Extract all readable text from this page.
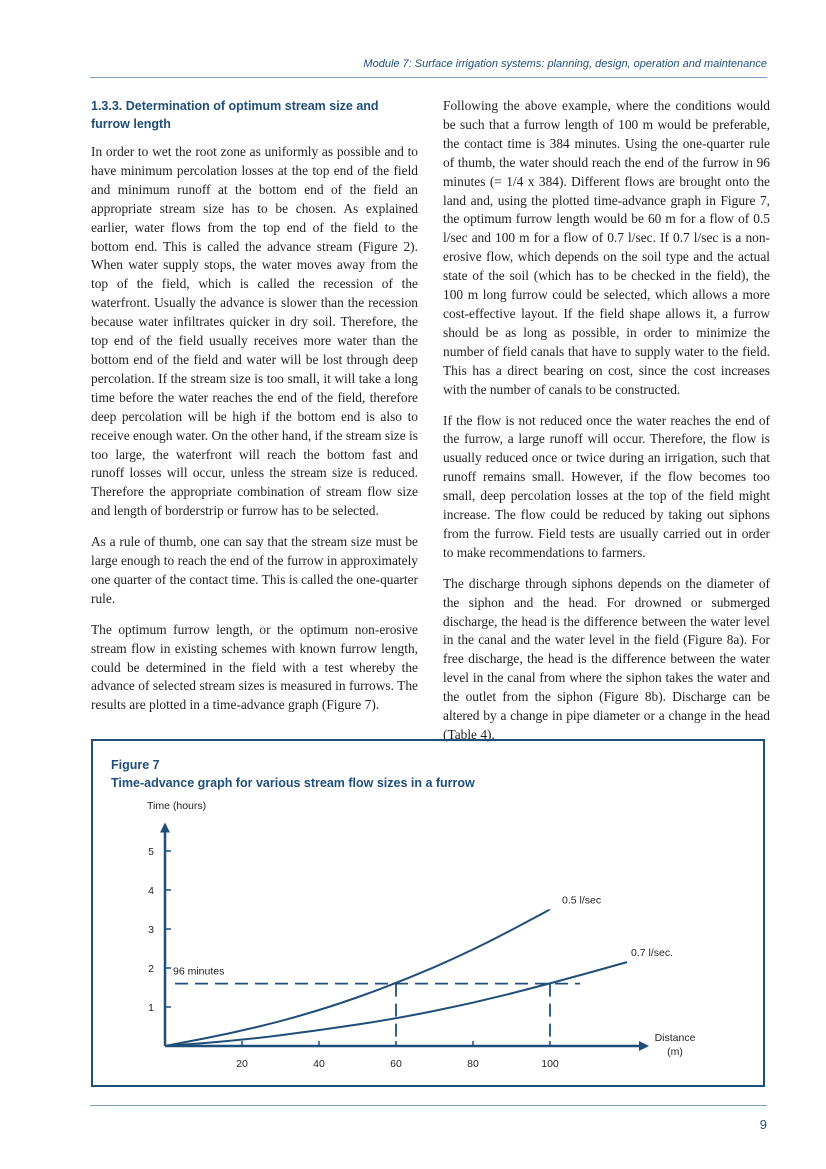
Module 7: Surface irrigation systems: planning, design, operation and maintenance
1.3.3. Determination of optimum stream size and furrow length

In order to wet the root zone as uniformly as possible and to have minimum percolation losses at the top end of the field and minimum runoff at the bottom end of the field an appropriate stream size has to be chosen. As explained earlier, water flows from the top end of the field to the bottom end. This is called the advance stream (Figure 2). When water supply stops, the water moves away from the top of the field, which is called the recession of the waterfront. Usually the advance is slower than the recession because water infiltrates quicker in dry soil. Therefore, the top end of the field usually receives more water than the bottom end of the field and water will be lost through deep percolation. If the stream size is too small, it will take a long time before the water reaches the end of the field, therefore deep percolation will be high if the bottom end is also to receive enough water. On the other hand, if the stream size is too large, the waterfront will reach the bottom fast and runoff losses will occur, unless the stream size is reduced. Therefore the appropriate combination of stream flow size and length of borderstrip or furrow has to be selected.

As a rule of thumb, one can say that the stream size must be large enough to reach the end of the furrow in approximately one quarter of the contact time. This is called the one-quarter rule.

The optimum furrow length, or the optimum non-erosive stream flow in existing schemes with known furrow length, could be determined in the field with a test whereby the advance of selected stream sizes is measured in furrows. The results are plotted in a time-advance graph (Figure 7).

Following the above example, where the conditions would be such that a furrow length of 100 m would be preferable, the contact time is 384 minutes. Using the one-quarter rule of thumb, the water should reach the end of the furrow in 96 minutes (= 1/4 x 384). Different flows are brought onto the land and, using the plotted time-advance graph in Figure 7, the optimum furrow length would be 60 m for a flow of 0.5 l/sec and 100 m for a flow of 0.7 l/sec. If 0.7 l/sec is a non-erosive flow, which depends on the soil type and the actual state of the soil (which has to be checked in the field), the 100 m long furrow could be selected, which allows a more cost-effective layout. If the field shape allows it, a furrow should be as long as possible, in order to minimize the number of field canals that have to supply water to the field. This has a direct bearing on cost, since the cost increases with the number of canals to be constructed.

If the flow is not reduced once the water reaches the end of the furrow, a large runoff will occur. Therefore, the flow is usually reduced once or twice during an irrigation, such that runoff remains small. However, if the flow becomes too small, deep percolation losses at the top of the field might increase. The flow could be reduced by taking out siphons from the furrow. Field tests are usually carried out in order to make recommendations to farmers.

The discharge through siphons depends on the diameter of the siphon and the head. For drowned or submerged discharge, the head is the difference between the water level in the canal and the water level in the field (Figure 8a). For free discharge, the head is the difference between the water level in the canal from where the siphon takes the water and the outlet from the siphon (Figure 8b). Discharge can be altered by a change in pipe diameter or a change in the head (Table 4).

Figure 7
Time-advance graph for various stream flow sizes in a furrow
Time (hours)
Distance
(m)
1
2
3
4
5
20	40	60	80	100
0.5 l/sec
0.7 l/sec.
96 minutes
9
